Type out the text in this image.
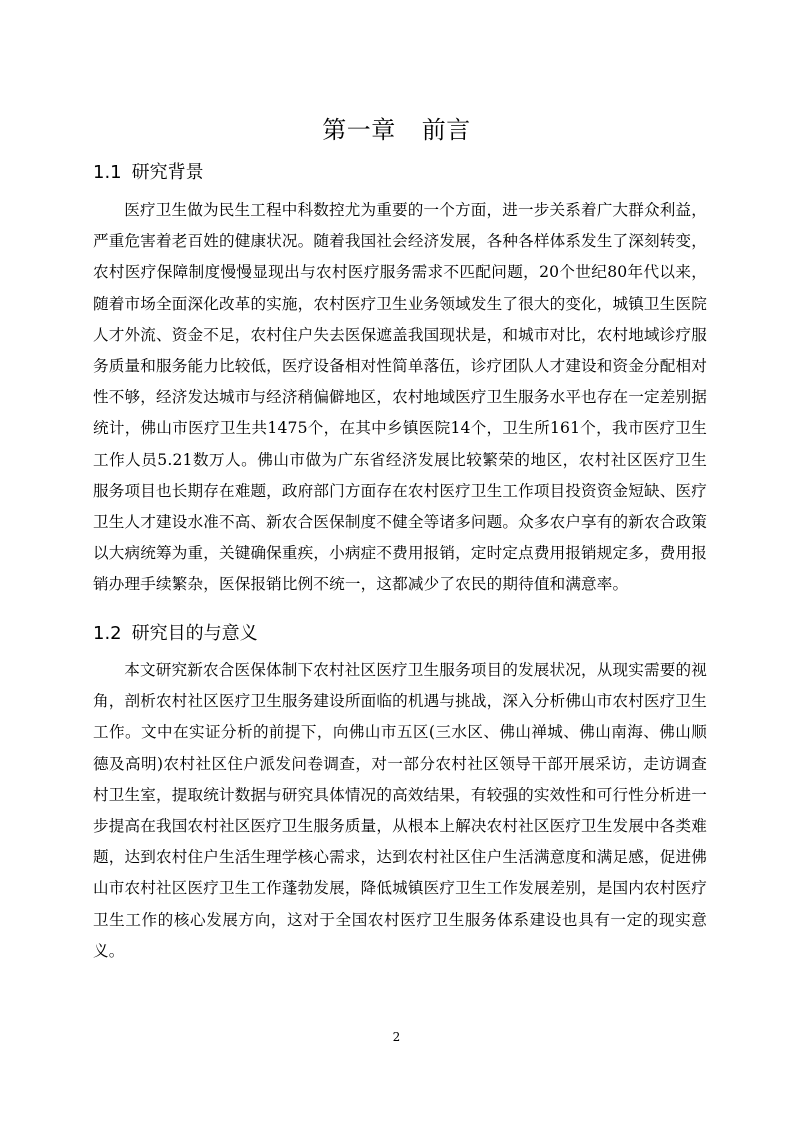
第一章 前言
1.1 研究背景

医疗卫生做为民生工程中科数控尤为重要的一个方面，进一步关系着广大群众利益，严重危害着老百姓的健康状况。随着我国社会经济发展，各种各样体系发生了深刻转变，农村医疗保障制度慢慢显现出与农村医疗服务需求不匹配问题，20个世纪80年代以来，随着市场全面深化改革的实施，农村医疗卫生业务领域发生了很大的变化，城镇卫生医院人才外流、资金不足，农村住户失去医保遮盖我国现状是，和城市对比，农村地域诊疗服务质量和服务能力比较低，医疗设备相对性简单落伍，诊疗团队人才建设和资金分配相对性不够，经济发达城市与经济稍偏僻地区，农村地域医疗卫生服务水平也存在一定差别据统计，佛山市医疗卫生共1475个，在其中乡镇医院14个，卫生所161个，我市医疗卫生工作人员5.21数万人。佛山市做为广东省经济发展比较繁荣的地区，农村社区医疗卫生服务项目也长期存在难题，政府部门方面存在农村医疗卫生工作项目投资资金短缺、医疗卫生人才建设水准不高、新农合医保制度不健全等诸多问题。众多农户享有的新农合政策以大病统筹为重，关键确保重疾，小病症不费用报销，定时定点费用报销规定多，费用报销办理手续繁杂，医保报销比例不统一，这都减少了农民的期待值和满意率。

1.2 研究目的与意义

本文研究新农合医保体制下农村社区医疗卫生服务项目的发展状况，从现实需要的视角，剖析农村社区医疗卫生服务建设所面临的机遇与挑战，深入分析佛山市农村医疗卫生工作。文中在实证分析的前提下，向佛山市五区(三水区、佛山禅城、佛山南海、佛山顺德及高明)农村社区住户派发问卷调查，对一部分农村社区领导干部开展采访，走访调查村卫生室，提取统计数据与研究具体情况的高效结果，有较强的实效性和可行性分析进一步提高在我国农村社区医疗卫生服务质量，从根本上解决农村社区医疗卫生发展中各类难题，达到农村住户生活生理学核心需求，达到农村社区住户生活满意度和满足感，促进佛山市农村社区医疗卫生工作蓬勃发展，降低城镇医疗卫生工作发展差别，是国内农村医疗卫生工作的核心发展方向，这对于全国农村医疗卫生服务体系建设也具有一定的现实意义。

2
